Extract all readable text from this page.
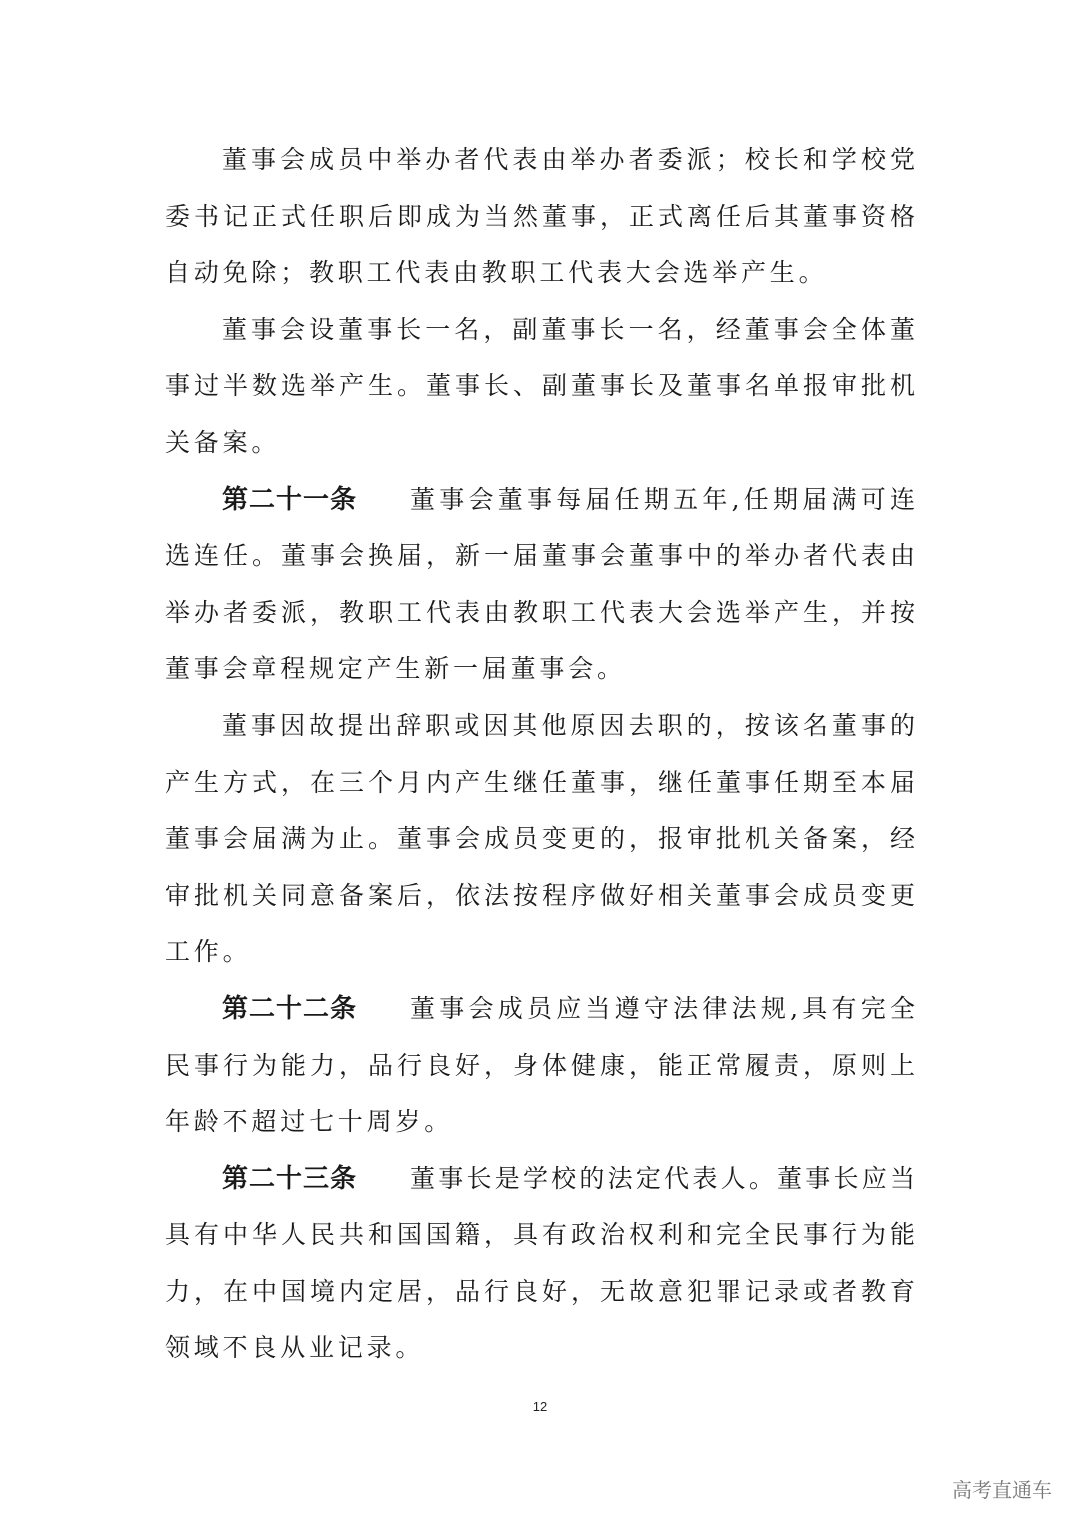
董事会成员中举办者代表由举办者委派；校长和学校党
委书记正式任职后即成为当然董事，正式离任后其董事资格
自动免除；教职工代表由教职工代表大会选举产生。
董事会设董事长一名，副董事长一名，经董事会全体董
事过半数选举产生。董事长、副董事长及董事名单报审批机
关备案。
第二十一条	董事会董事每届任期五年,任期届满可连
选连任。董事会换届，新一届董事会董事中的举办者代表由
举办者委派，教职工代表由教职工代表大会选举产生，并按
董事会章程规定产生新一届董事会。
董事因故提出辞职或因其他原因去职的，按该名董事的
产生方式，在三个月内产生继任董事，继任董事任期至本届
董事会届满为止。董事会成员变更的，报审批机关备案，经
审批机关同意备案后，依法按程序做好相关董事会成员变更
工作。
第二十二条	董事会成员应当遵守法律法规,具有完全
民事行为能力，品行良好，身体健康，能正常履责，原则上
年龄不超过七十周岁。
第二十三条	董事长是学校的法定代表人。董事长应当
具有中华人民共和国国籍，具有政治权利和完全民事行为能
力，在中国境内定居，品行良好，无故意犯罪记录或者教育
领域不良从业记录。
12
高考直通车
